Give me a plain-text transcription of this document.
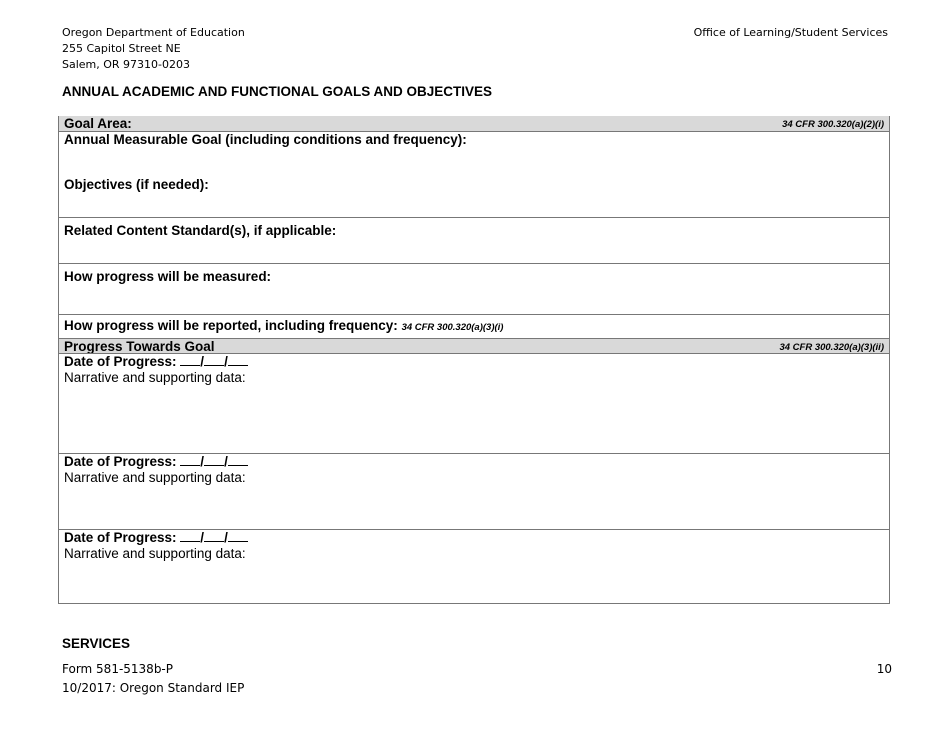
Oregon Department of Education
255 Capitol Street NE
Salem, OR 97310-0203
Office of Learning/Student Services
ANNUAL ACADEMIC AND FUNCTIONAL GOALS AND OBJECTIVES
Goal Area:	34 CFR 300.320(a)(2)(i)
Annual Measurable Goal (including conditions and frequency):
Objectives (if needed):
Related Content Standard(s), if applicable:
How progress will be measured:
How progress will be reported, including frequency: 34 CFR 300.320(a)(3)(i)
Progress Towards Goal	34 CFR 300.320(a)(3)(ii)
Date of Progress: / /
Narrative and supporting data:
Date of Progress: / /
Narrative and supporting data:
Date of Progress: / /
Narrative and supporting data:
SERVICES
Form 581-5138b-P
10/2017: Oregon Standard IEP
10
